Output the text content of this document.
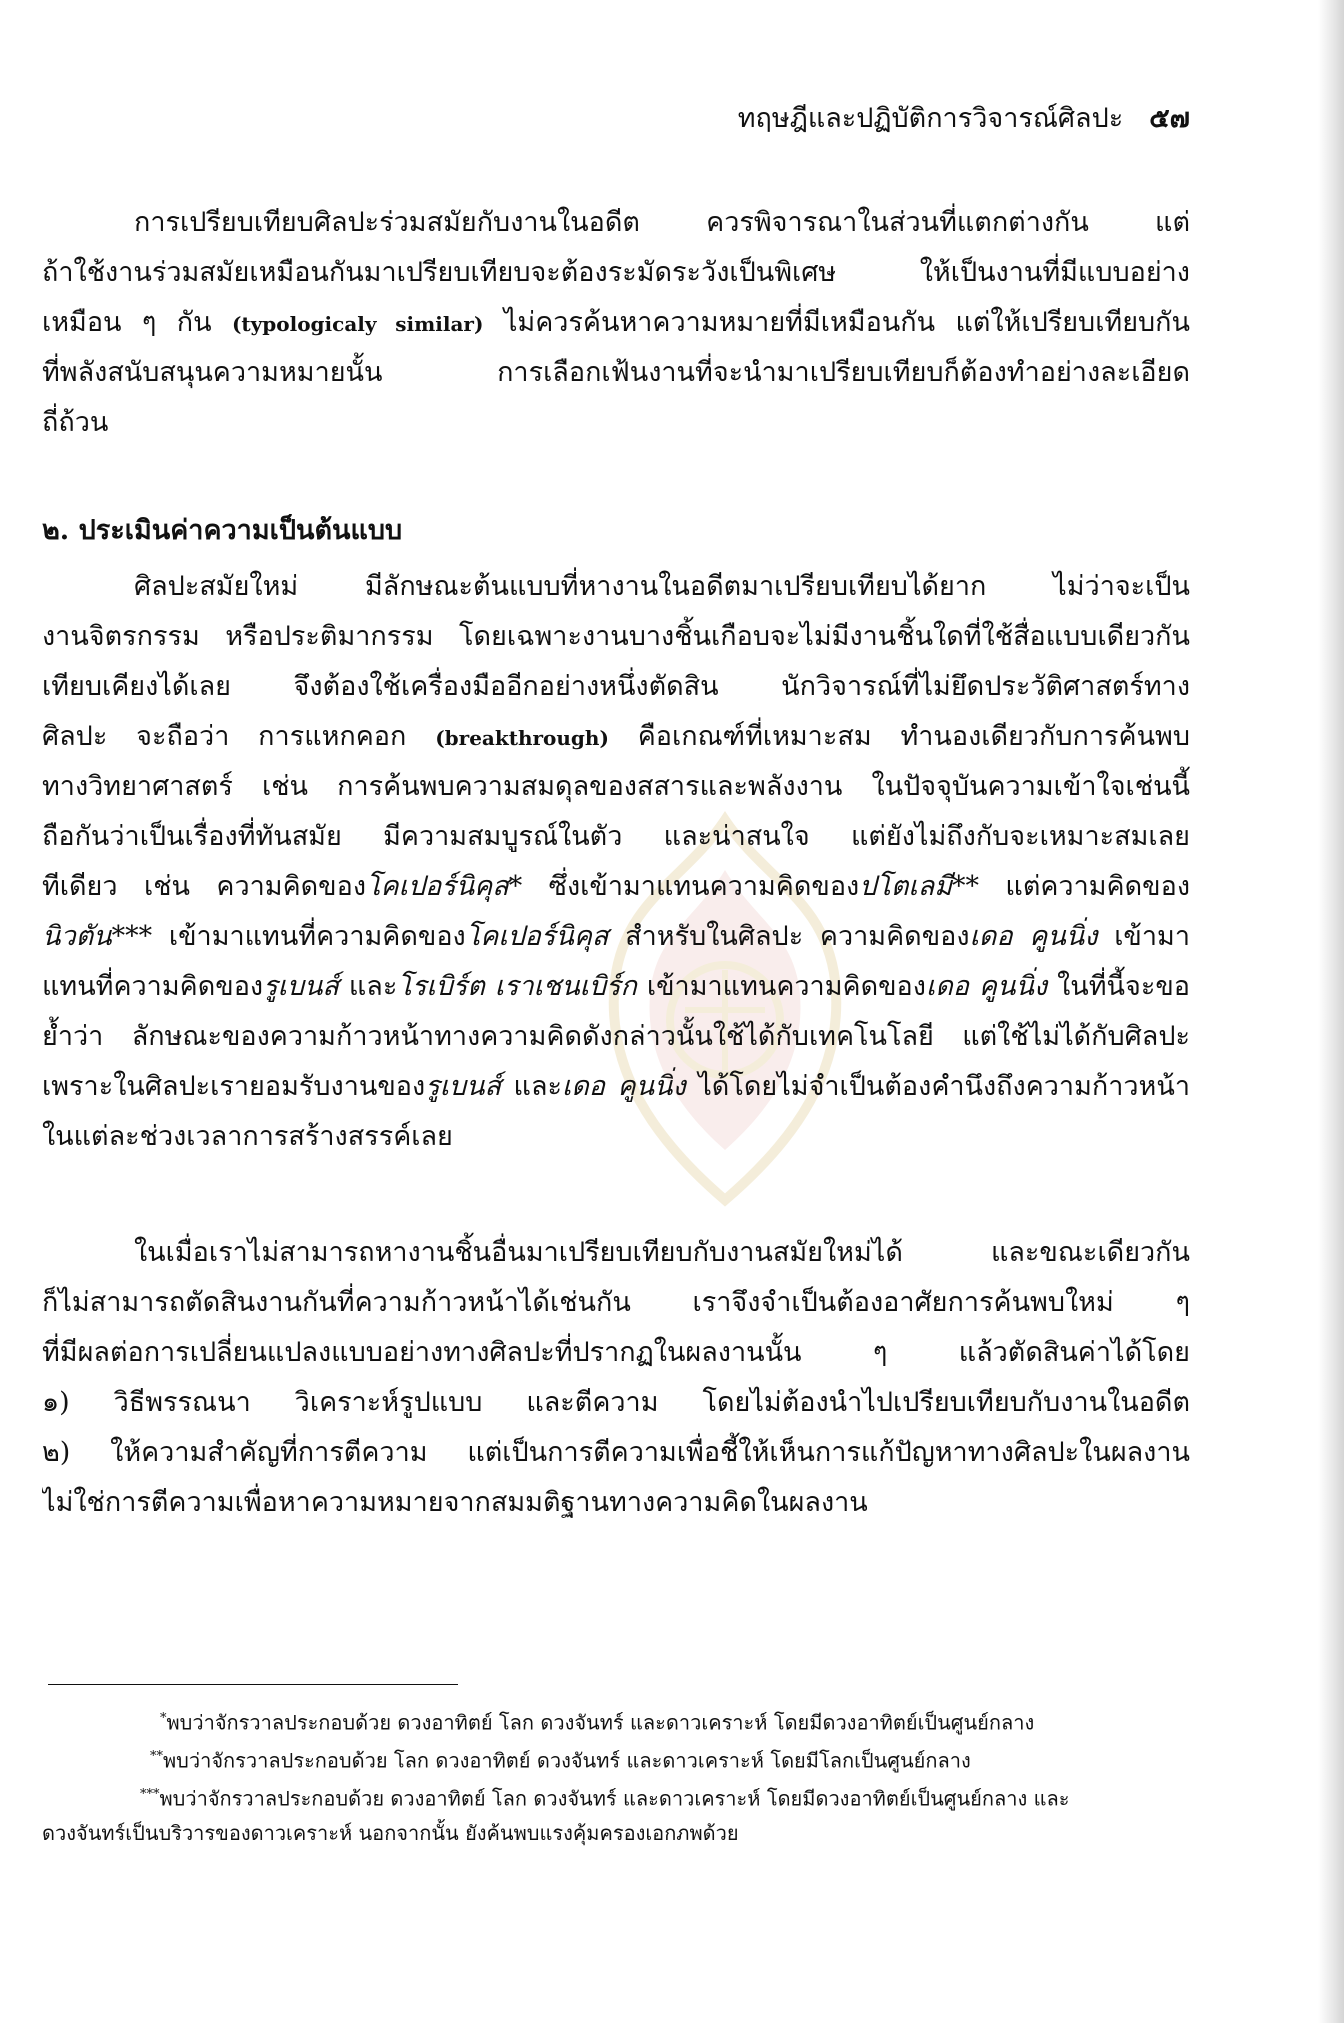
ทฤษฎีและปฏิบัติการวิจารณ์ศิลปะ ๕๗
การเปรียบเทียบศิลปะร่วมสมัยกับงานในอดีต ควรพิจารณาในส่วนที่แตกต่างกัน แต่
ถ้าใช้งานร่วมสมัยเหมือนกันมาเปรียบเทียบจะต้องระมัดระวังเป็นพิเศษ ให้เป็นงานที่มีแบบอย่าง
เหมือน ๆ กัน (typologicaly similar) ไม่ควรค้นหาความหมายที่มีเหมือนกัน แต่ให้เปรียบเทียบกัน
ที่พลังสนับสนุนความหมายนั้น การเลือกเฟ้นงานที่จะนำมาเปรียบเทียบก็ต้องทำอย่างละเอียด
ถี่ถ้วน
๒. ประเมินค่าความเป็นต้นแบบ
ศิลปะสมัยใหม่ มีลักษณะต้นแบบที่หางานในอดีตมาเปรียบเทียบได้ยาก ไม่ว่าจะเป็น
งานจิตรกรรม หรือประติมากรรม โดยเฉพาะงานบางชิ้นเกือบจะไม่มีงานชิ้นใดที่ใช้สื่อแบบเดียวกัน
เทียบเคียงได้เลย จึงต้องใช้เครื่องมืออีกอย่างหนึ่งตัดสิน นักวิจารณ์ที่ไม่ยึดประวัติศาสตร์ทาง
ศิลปะ จะถือว่า การแหกคอก (breakthrough) คือเกณฑ์ที่เหมาะสม ทำนองเดียวกับการค้นพบ
ทางวิทยาศาสตร์ เช่น การค้นพบความสมดุลของสสารและพลังงาน ในปัจจุบันความเข้าใจเช่นนี้
ถือกันว่าเป็นเรื่องที่ทันสมัย มีความสมบูรณ์ในตัว และน่าสนใจ แต่ยังไม่ถึงกับจะเหมาะสมเลย
ทีเดียว เช่น ความคิดของโคเปอร์นิคุส* ซึ่งเข้ามาแทนความคิดของปโตเลมี** แต่ความคิดของ
นิวตัน*** เข้ามาแทนที่ความคิดของโคเปอร์นิคุส สำหรับในศิลปะ ความคิดของเดอ คูนนิ่ง เข้ามา
แทนที่ความคิดของรูเบนส์ และโรเบิร์ต เราเชนเบิร์ก เข้ามาแทนความคิดของเดอ คูนนิ่ง ในที่นี้จะขอ
ย้ำว่า ลักษณะของความก้าวหน้าทางความคิดดังกล่าวนั้นใช้ได้กับเทคโนโลยี แต่ใช้ไม่ได้กับศิลปะ
เพราะในศิลปะเรายอมรับงานของรูเบนส์ และเดอ คูนนิ่ง ได้โดยไม่จำเป็นต้องคำนึงถึงความก้าวหน้า
ในแต่ละช่วงเวลาการสร้างสรรค์เลย
ในเมื่อเราไม่สามารถหางานชิ้นอื่นมาเปรียบเทียบกับงานสมัยใหม่ได้ และขณะเดียวกัน
ก็ไม่สามารถตัดสินงานกันที่ความก้าวหน้าได้เช่นกัน เราจึงจำเป็นต้องอาศัยการค้นพบใหม่ ๆ
ที่มีผลต่อการเปลี่ยนแปลงแบบอย่างทางศิลปะที่ปรากฏในผลงานนั้น ๆ แล้วตัดสินค่าได้โดย
๑) วิธีพรรณนา วิเคราะห์รูปแบบ และตีความ โดยไม่ต้องนำไปเปรียบเทียบกับงานในอดีต
๒) ให้ความสำคัญที่การตีความ แต่เป็นการตีความเพื่อชี้ให้เห็นการแก้ปัญหาทางศิลปะในผลงาน
ไม่ใช่การตีความเพื่อหาความหมายจากสมมติฐานทางความคิดในผลงาน
*พบว่าจักรวาลประกอบด้วย ดวงอาทิตย์ โลก ดวงจันทร์ และดาวเคราะห์ โดยมีดวงอาทิตย์เป็นศูนย์กลาง
**พบว่าจักรวาลประกอบด้วย โลก ดวงอาทิตย์ ดวงจันทร์ และดาวเคราะห์ โดยมีโลกเป็นศูนย์กลาง
***พบว่าจักรวาลประกอบด้วย ดวงอาทิตย์ โลก ดวงจันทร์ และดาวเคราะห์ โดยมีดวงอาทิตย์เป็นศูนย์กลาง และ
ดวงจันทร์เป็นบริวารของดาวเคราะห์ นอกจากนั้น ยังค้นพบแรงคุ้มครองเอกภพด้วย
